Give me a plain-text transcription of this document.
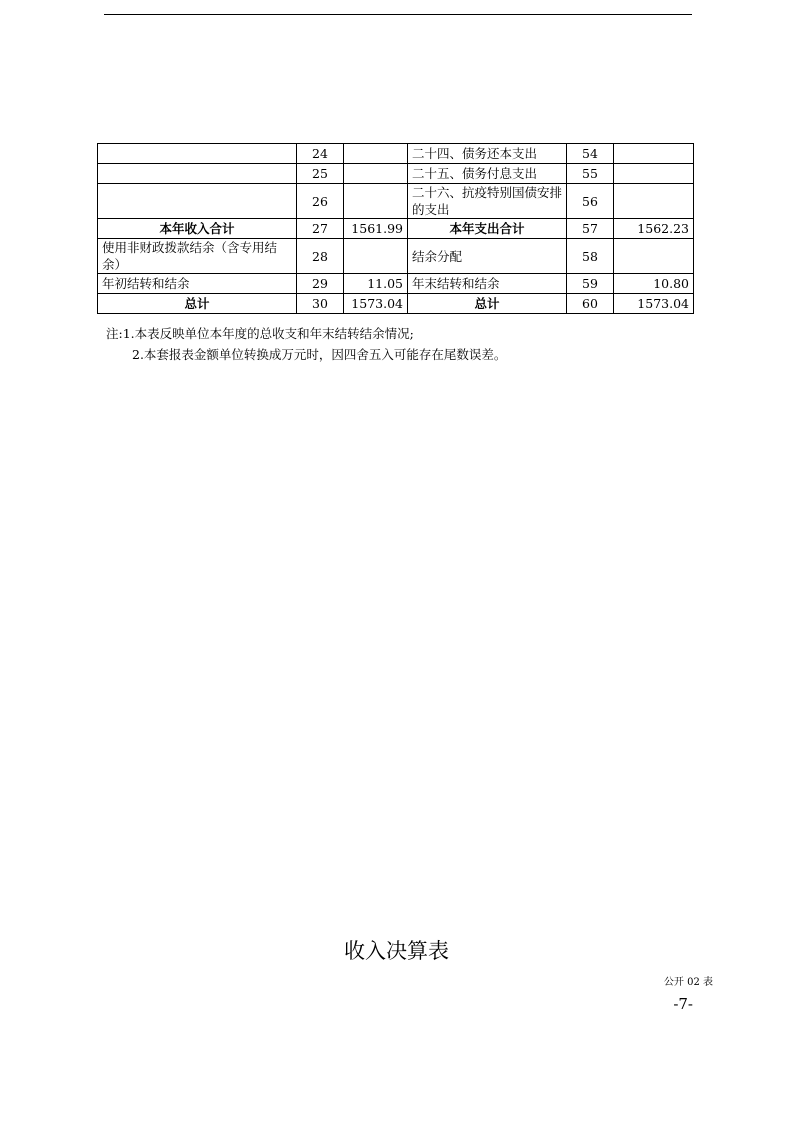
	24		二十四、债务还本支出	54	
	25		二十五、债务付息支出	55	
	26		二十六、抗疫特别国债安排的支出	56	
本年收入合计	27	1561.99	本年支出合计	57	1562.23
使用非财政拨款结余（含专用结余）	28		结余分配	58	
年初结转和结余	29	11.05	年末结转和结余	59	10.80
总计	30	1573.04	总计	60	1573.04
注:1.本表反映单位本年度的总收支和年末结转结余情况;
2.本套报表金额单位转换成万元时，因四舍五入可能存在尾数误差。
收入决算表
公开 02 表
-7-
